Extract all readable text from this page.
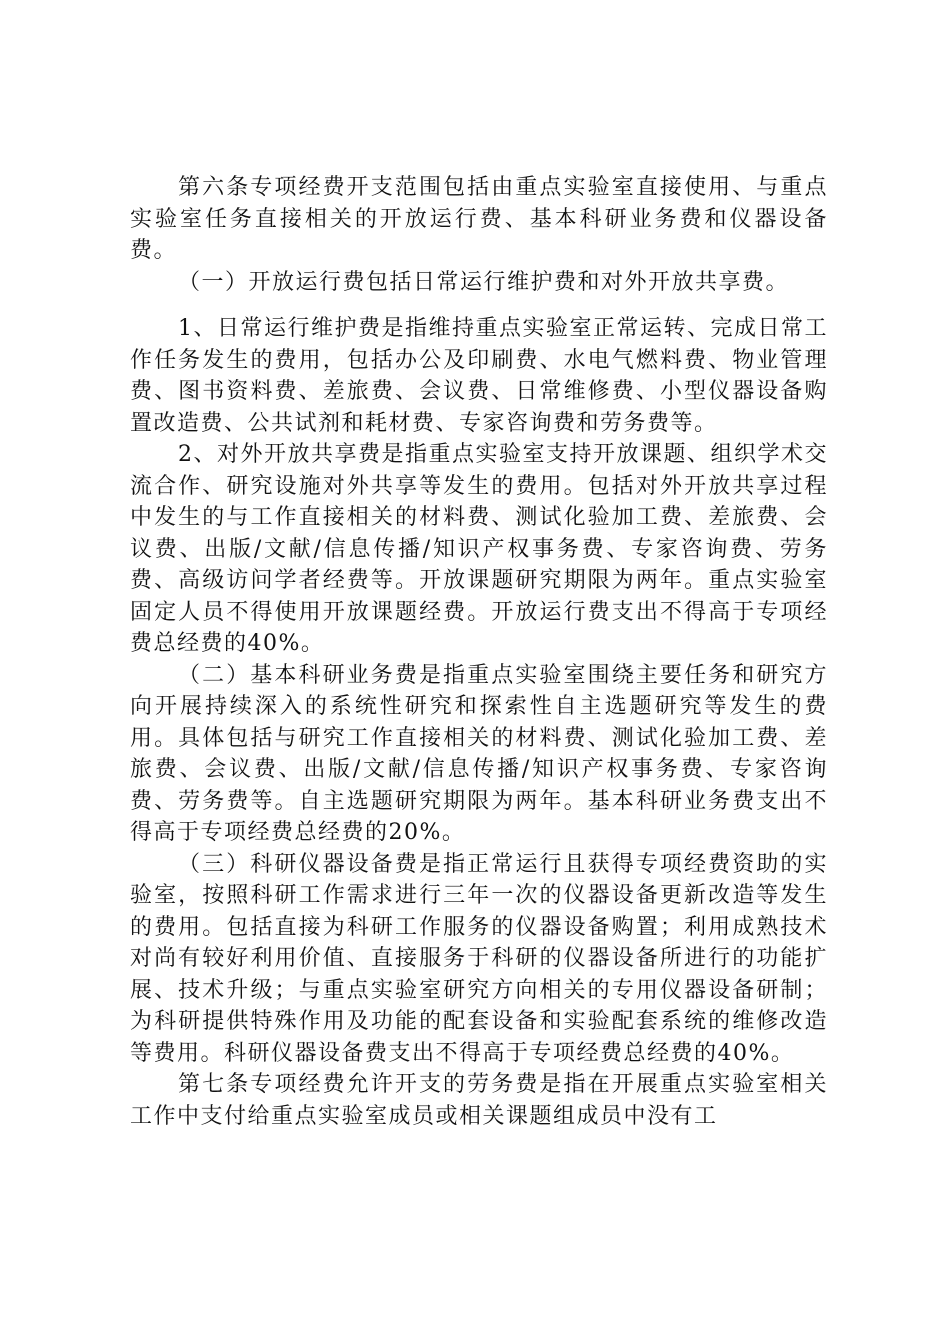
第六条专项经费开支范围包括由重点实验室直接使用、与重点实验室任务直接相关的开放运行费、基本科研业务费和仪器设备费。

（一）开放运行费包括日常运行维护费和对外开放共享费。

1、日常运行维护费是指维持重点实验室正常运转、完成日常工作任务发生的费用，包括办公及印刷费、水电气燃料费、物业管理费、图书资料费、差旅费、会议费、日常维修费、小型仪器设备购置改造费、公共试剂和耗材费、专家咨询费和劳务费等。

2、对外开放共享费是指重点实验室支持开放课题、组织学术交流合作、研究设施对外共享等发生的费用。包括对外开放共享过程中发生的与工作直接相关的材料费、测试化验加工费、差旅费、会议费、出版/文献/信息传播/知识产权事务费、专家咨询费、劳务费、高级访问学者经费等。开放课题研究期限为两年。重点实验室固定人员不得使用开放课题经费。开放运行费支出不得高于专项经费总经费的40%。

（二）基本科研业务费是指重点实验室围绕主要任务和研究方向开展持续深入的系统性研究和探索性自主选题研究等发生的费用。具体包括与研究工作直接相关的材料费、测试化验加工费、差旅费、会议费、出版/文献/信息传播/知识产权事务费、专家咨询费、劳务费等。自主选题研究期限为两年。基本科研业务费支出不得高于专项经费总经费的20%。

（三）科研仪器设备费是指正常运行且获得专项经费资助的实验室，按照科研工作需求进行三年一次的仪器设备更新改造等发生的费用。包括直接为科研工作服务的仪器设备购置；利用成熟技术对尚有较好利用价值、直接服务于科研的仪器设备所进行的功能扩展、技术升级；与重点实验室研究方向相关的专用仪器设备研制；为科研提供特殊作用及功能的配套设备和实验配套系统的维修改造等费用。科研仪器设备费支出不得高于专项经费总经费的40%。

第七条专项经费允许开支的劳务费是指在开展重点实验室相关工作中支付给重点实验室成员或相关课题组成员中没有工
